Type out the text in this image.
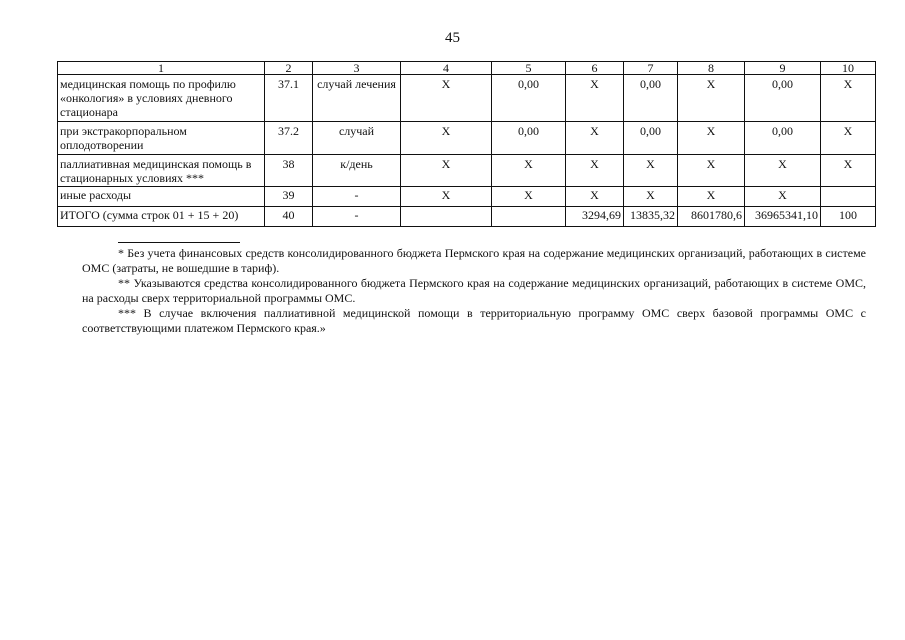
45
1	2	3	4	5	6	7	8	9	10
медицинская помощь по профилю «онкология» в условиях дневного стационара	37.1	случай лечения	X	0,00	X	0,00	X	0,00	X
при экстракорпоральном оплодотворении	37.2	случай	X	0,00	X	0,00	X	0,00	X
паллиативная медицинская помощь в стационарных условиях ***	38	к/день	X	X	X	X	X	X	X
иные расходы	39	-	X	X	X	X	X	X	
ИТОГО (сумма строк 01 + 15 + 20)	40	-			3294,69	13835,32	8601780,6	36965341,10	100

* Без учета финансовых средств консолидированного бюджета Пермского края на содержание медицинских организаций, работающих в системе ОМС (затраты, не вошедшие в тариф).

** Указываются средства консолидированного бюджета Пермского края на содержание медицинских организаций, работающих в системе ОМС, на расходы сверх территориальной программы ОМС.

*** В случае включения паллиативной медицинской помощи в территориальную программу ОМС сверх базовой программы ОМС с соответствующими платежом Пермского края.»
